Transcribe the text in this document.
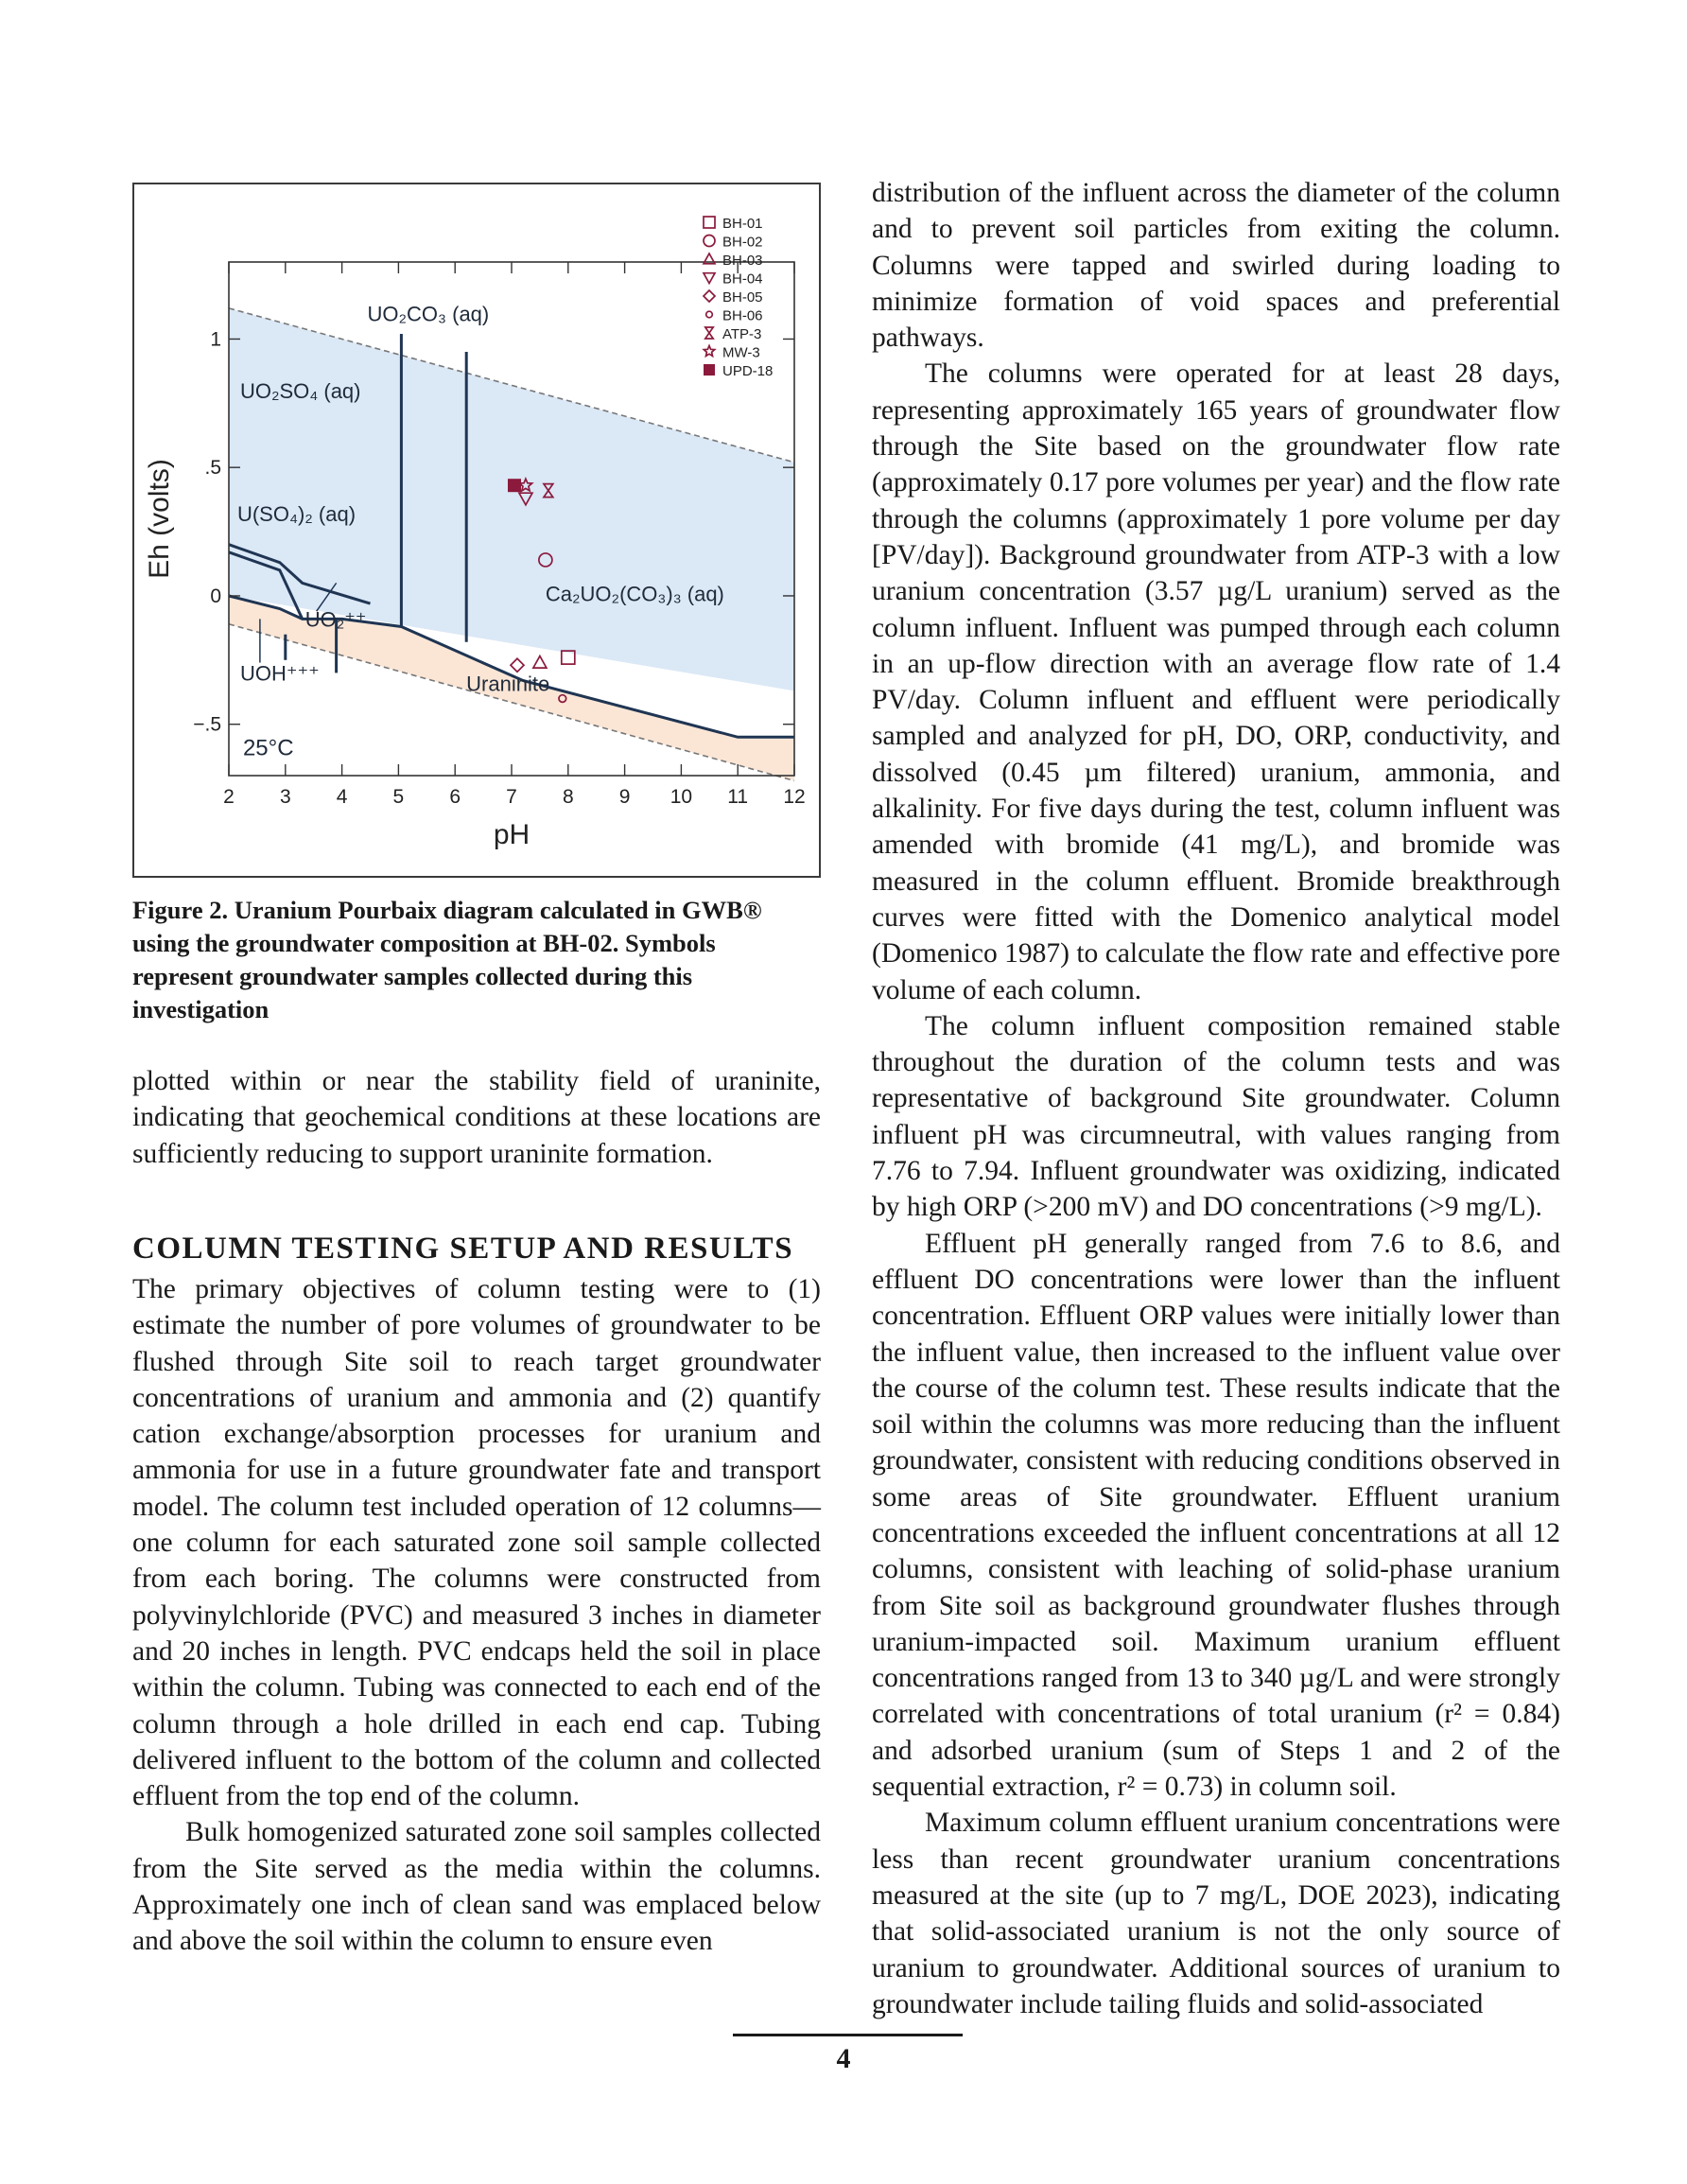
2 3 4 5 6 7 8 9 10 11 12
1
.5
0
−.5
pH
Eh (volts)
UO₂CO₃ (aq)
UO₂SO₄ (aq)
U(SO₄)₂ (aq)
Ca₂UO₂(CO₃)₃ (aq)
UO₂⁺⁺
UOH⁺⁺⁺	Uraninite
25°C
BH-01
BH-02
BH-03
BH-04
BH-05
BH-06
ATP-3
MW-3
UPD-18
Figure 2. Uranium Pourbaix diagram calculated in GWB® using the groundwater composition at BH-02. Symbols represent groundwater samples collected during this investigation

plotted within or near the stability field of uraninite, indicating that geochemical conditions at these locations are sufficiently reducing to support uraninite formation.

COLUMN TESTING SETUP AND RESULTS

The primary objectives of column testing were to (1) estimate the number of pore volumes of groundwater to be flushed through Site soil to reach target groundwater concentrations of uranium and ammonia and (2) quantify cation exchange/absorption processes for uranium and ammonia for use in a future groundwater fate and transport model. The column test included operation of 12 columns—one column for each saturated zone soil sample collected from each boring. The columns were constructed from polyvinylchloride (PVC) and measured 3 inches in diameter and 20 inches in length. PVC endcaps held the soil in place within the column. Tubing was connected to each end of the column through a hole drilled in each end cap. Tubing delivered influent to the bottom of the column and collected effluent from the top end of the column.

Bulk homogenized saturated zone soil samples collected from the Site served as the media within the columns. Approximately one inch of clean sand was emplaced below and above the soil within the column to ensure even

distribution of the influent across the diameter of the column and to prevent soil particles from exiting the column. Columns were tapped and swirled during loading to minimize formation of void spaces and preferential pathways.

The columns were operated for at least 28 days, representing approximately 165 years of groundwater flow through the Site based on the groundwater flow rate (approximately 0.17 pore volumes per year) and the flow rate through the columns (approximately 1 pore volume per day [PV/day]). Background groundwater from ATP-3 with a low uranium concentration (3.57 µg/L uranium) served as the column influent. Influent was pumped through each column in an up-flow direction with an average flow rate of 1.4 PV/day. Column influent and effluent were periodically sampled and analyzed for pH, DO, ORP, conductivity, and dissolved (0.45 µm filtered) uranium, ammonia, and alkalinity. For five days during the test, column influent was amended with bromide (41 mg/L), and bromide was measured in the column effluent. Bromide breakthrough curves were fitted with the Domenico analytical model (Domenico 1987) to calculate the flow rate and effective pore volume of each column.

The column influent composition remained stable throughout the duration of the column tests and was representative of background Site groundwater. Column influent pH was circumneutral, with values ranging from 7.76 to 7.94. Influent groundwater was oxidizing, indicated by high ORP (>200 mV) and DO concentrations (>9 mg/L).

Effluent pH generally ranged from 7.6 to 8.6, and effluent DO concentrations were lower than the influent concentration. Effluent ORP values were initially lower than the influent value, then increased to the influent value over the course of the column test. These results indicate that the soil within the columns was more reducing than the influent groundwater, consistent with reducing conditions observed in some areas of Site groundwater. Effluent uranium concentrations exceeded the influent concentrations at all 12 columns, consistent with leaching of solid-phase uranium from Site soil as background groundwater flushes through uranium-impacted soil. Maximum uranium effluent concentrations ranged from 13 to 340 µg/L and were strongly correlated with concentrations of total uranium (r² = 0.84) and adsorbed uranium (sum of Steps 1 and 2 of the sequential extraction, r² = 0.73) in column soil.

Maximum column effluent uranium concentrations were less than recent groundwater uranium concentrations measured at the site (up to 7 mg/L, DOE 2023), indicating that solid-associated uranium is not the only source of uranium to groundwater. Additional sources of uranium to groundwater include tailing fluids and solid-associated

4
